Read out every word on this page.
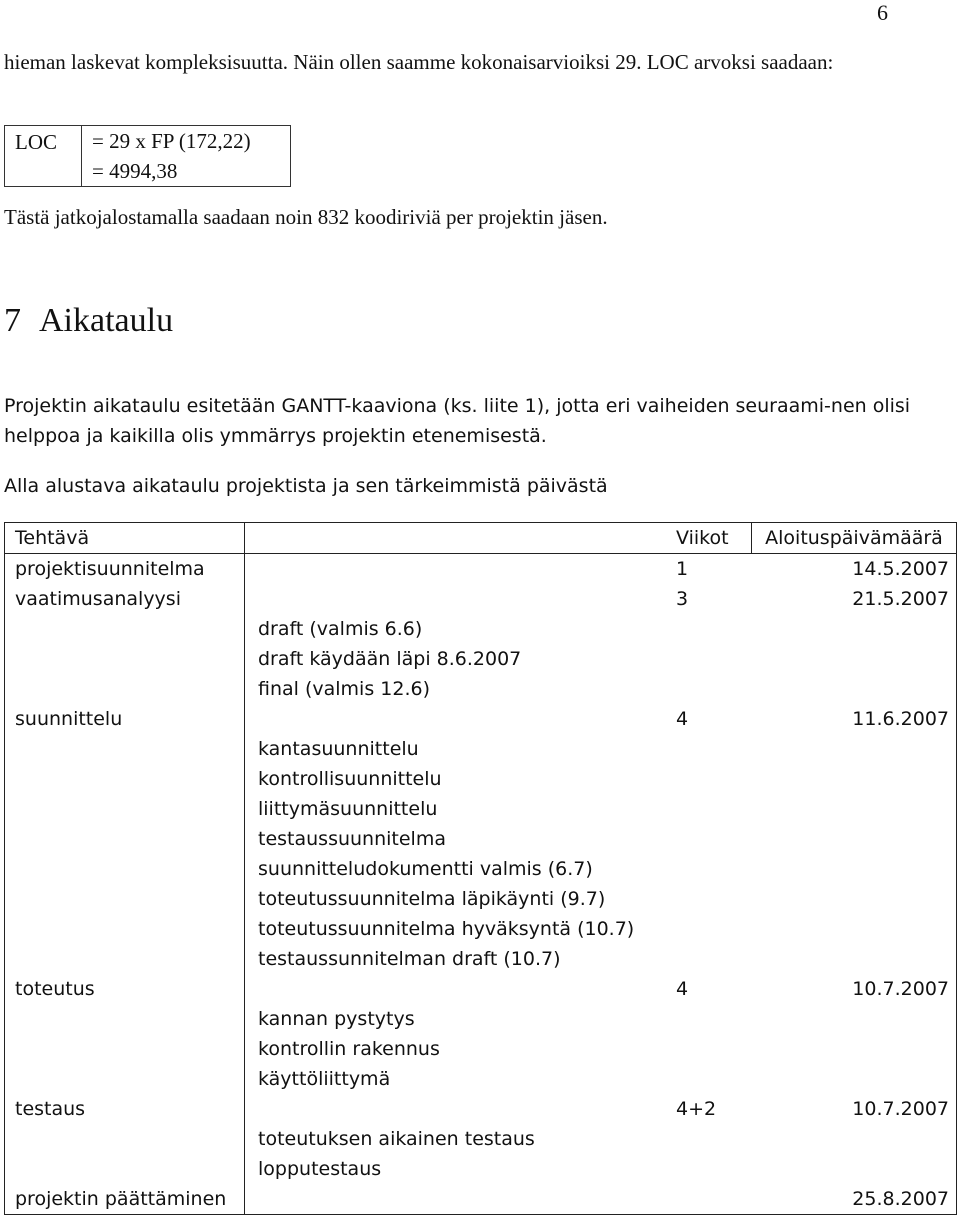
6

hieman laskevat kompleksisuutta. Näin ollen saamme kokonaisarvioiksi 29. LOC arvoksi saadaan:

LOC	= 29 x FP (172,22)
= 4994,38

Tästä jatkojalostamalla saadaan noin 832 koodiriviä per projektin jäsen.

7 Aikataulu

Projektin aikataulu esitetään GANTT-kaaviona (ks. liite 1), jotta eri vaiheiden seuraami-nen olisi helppoa ja kaikilla olis ymmärrys projektin etenemisestä.

Alla alustava aikataulu projektista ja sen tärkeimmistä päivästä

Tehtävä		Viikot	Aloituspäivämäärä
projektisuunnitelma		1	14.5.2007
vaatimusanalyysi		3	21.5.2007
	draft (valmis 6.6)		
	draft käydään läpi 8.6.2007		
	final (valmis 12.6)		
suunnittelu		4	11.6.2007
	kantasuunnittelu		
	kontrollisuunnittelu		
	liittymäsuunnittelu		
	testaussuunnitelma		
	suunnitteludokumentti valmis (6.7)		
	toteutussuunnitelma läpikäynti (9.7)		
	toteutussuunnitelma hyväksyntä (10.7)		
	testaussunnitelman draft (10.7)		
toteutus		4	10.7.2007
	kannan pystytys		
	kontrollin rakennus		
	käyttöliittymä		
testaus		4+2	10.7.2007
	toteutuksen aikainen testaus		
	lopputestaus		
projektin päättäminen			25.8.2007
